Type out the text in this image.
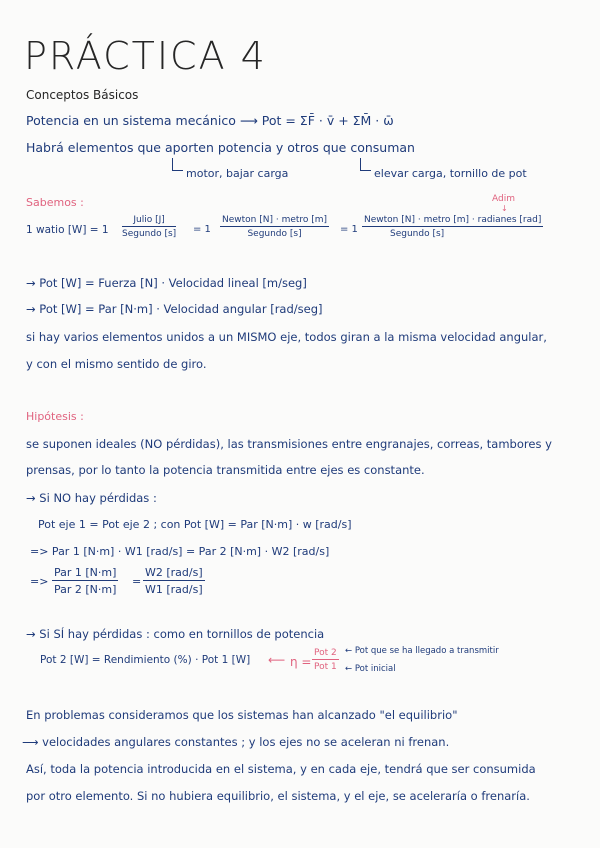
PRÁCTICA 4
Conceptos Básicos
Potencia en un sistema mecánico ⟶ Pot = ΣF̄ · v̄ + ΣM̄ · ω̄
Habrá elementos que aporten potencia y otros que consuman
motor, bajar carga	elevar carga, tornillo de pot
Sabemos :	Adim
↓
1 watio [W] = 1
Julio [J]
Segundo [s] = 1
Newton [N] · metro [m]
Segundo [s]	= 1
Newton [N] · metro [m] · radianes [rad]
Segundo [s]
→ Pot [W] = Fuerza [N] · Velocidad lineal [m/seg]
→ Pot [W] = Par [N·m] · Velocidad angular [rad/seg]
si hay varios elementos unidos a un MISMO eje, todos giran a la misma velocidad angular,
y con el mismo sentido de giro.
Hipótesis :
se suponen ideales (NO pérdidas), las transmisiones entre engranajes, correas, tambores y
prensas, por lo tanto la potencia transmitida entre ejes es constante.
→ Si NO hay pérdidas :
Pot eje 1 = Pot eje 2 ; con Pot [W] = Par [N·m] · w [rad/s]
=> Par 1 [N·m] · W1 [rad/s] = Par 2 [N·m] · W2 [rad/s]
=>
Par 1 [N·m]
Par 2 [N·m]
=
W2 [rad/s]
W1 [rad/s]
→ Si SÍ hay pérdidas : como en tornillos de potencia
Pot 2 [W] = Rendimiento (%) · Pot 1 [W] ⟵ η =
Pot 2
Pot 1
← Pot que se ha llegado a transmitir
← Pot inicial
En problemas consideramos que los sistemas han alcanzado "el equilibrio"
⟶ velocidades angulares constantes ; y los ejes no se aceleran ni frenan.
Así, toda la potencia introducida en el sistema, y en cada eje, tendrá que ser consumida
por otro elemento. Si no hubiera equilibrio, el sistema, y el eje, se aceleraría o frenaría.
